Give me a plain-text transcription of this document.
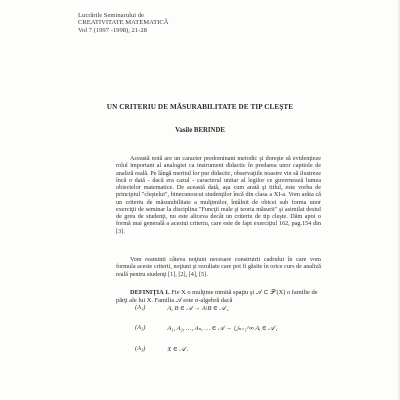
Lucrările Seminarului de
CREATIVITATE MATEMATICĂ
Vol 7 (1997 -1998), 21-28
UN CRITERIU DE MĂSURABILITATE DE TIP CLEŞTE
Vasile BERINDE
Această notă are un caracter predominant metodic şi doreşte să evidenţieze rolul important al analogiei ca instrument didactic în predarea unor capitole de analiză reală. Pe lângă meritul lor pur didactic, observaţiile noastre vin să ilustreze încă o dată - dacă era cazul - caracterul unitar al legilor ce guvernează lumea obiectelor matematice. De această dată, aşa cum arată şi titlul, este vorba de principiul "cleştelui", binecunoscut studenţilor încă din clasa a XI-a. Vom arăta că un criteriu de măsurabilitate a mulţimilor, întâlnit de obicei sub forma unor exerciţii de seminar la disciplina "Funcţii reale şi teoria măsurii" şi asimilat destul de greu de studenţi, nu este altceva decât un criteriu de tip cleşte. Dăm apoi o formă mai generală a acestui criteriu, care este de fapt exerciţiul 162, pag.154 din [3].
Vom reaminti câteva noţiuni necesare construirii cadrului în care vom formula aceste criterii, noţiuni şi rezultate care pot fi găsite în orice curs de analiză reală pentru studenţi [1], [2], [4], [5].
DEFINIŢIA 1. Fie X o mulţime nimită spaţiu şi 𝒜 ⊂ 𝒫 (X) o familie de părţi ale lui X. Familia 𝒜 este σ-algebră dacă
(A₁)	A, B ∈ 𝒜 → A\B ∈ 𝒜 ,
(A₂)	A₁, A₂, …, Aₙ, … ∈ 𝒜 → ⋃ₙ₌₁^∞ Aᵢ ∈ 𝒜 ,
(A₃)	X ∈ 𝒜 .
